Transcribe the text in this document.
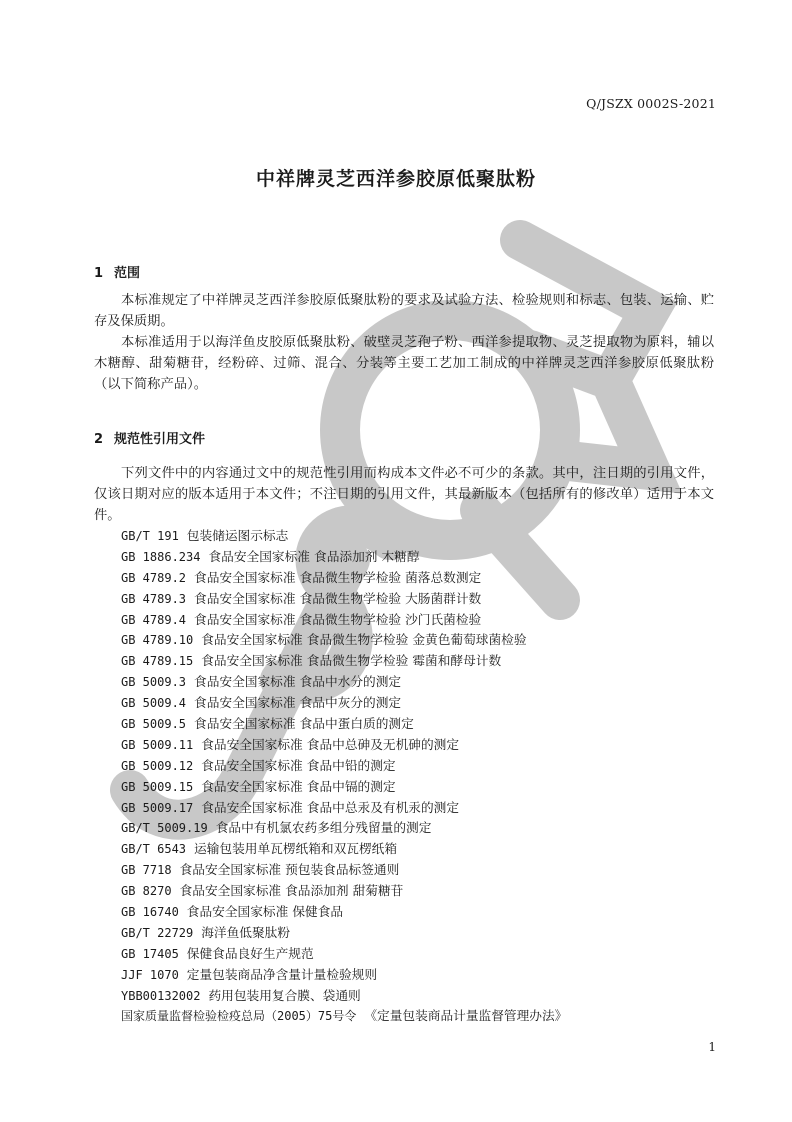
Q/JSZX 0002S-2021
中祥牌灵芝西洋参胶原低聚肽粉
1 范围

本标准规定了中祥牌灵芝西洋参胶原低聚肽粉的要求及试验方法、检验规则和标志、包装、运输、贮存及保质期。

本标准适用于以海洋鱼皮胶原低聚肽粉、破壁灵芝孢子粉、西洋参提取物、灵芝提取物为原料，辅以木糖醇、甜菊糖苷，经粉碎、过筛、混合、分装等主要工艺加工制成的中祥牌灵芝西洋参胶原低聚肽粉（以下简称产品）。

2 规范性引用文件

下列文件中的内容通过文中的规范性引用而构成本文件必不可少的条款。其中，注日期的引用文件，仅该日期对应的版本适用于本文件；不注日期的引用文件，其最新版本（包括所有的修改单）适用于本文件。

GB/T 191 包装储运图示标志
GB 1886.234 食品安全国家标准 食品添加剂 木糖醇
GB 4789.2 食品安全国家标准 食品微生物学检验 菌落总数测定
GB 4789.3 食品安全国家标准 食品微生物学检验 大肠菌群计数
GB 4789.4 食品安全国家标准 食品微生物学检验 沙门氏菌检验
GB 4789.10 食品安全国家标准 食品微生物学检验 金黄色葡萄球菌检验
GB 4789.15 食品安全国家标准 食品微生物学检验 霉菌和酵母计数
GB 5009.3 食品安全国家标准 食品中水分的测定
GB 5009.4 食品安全国家标准 食品中灰分的测定
GB 5009.5 食品安全国家标准 食品中蛋白质的测定
GB 5009.11 食品安全国家标准 食品中总砷及无机砷的测定
GB 5009.12 食品安全国家标准 食品中铅的测定
GB 5009.15 食品安全国家标准 食品中镉的测定
GB 5009.17 食品安全国家标准 食品中总汞及有机汞的测定
GB/T 5009.19 食品中有机氯农药多组分残留量的测定
GB/T 6543 运输包装用单瓦楞纸箱和双瓦楞纸箱
GB 7718 食品安全国家标准 预包装食品标签通则
GB 8270 食品安全国家标准 食品添加剂 甜菊糖苷
GB 16740 食品安全国家标准 保健食品
GB/T 22729 海洋鱼低聚肽粉
GB 17405 保健食品良好生产规范
JJF 1070 定量包装商品净含量计量检验规则
YBB00132002 药用包装用复合膜、袋通则
国家质量监督检验检疫总局（2005）75号令 《定量包装商品计量监督管理办法》
1
